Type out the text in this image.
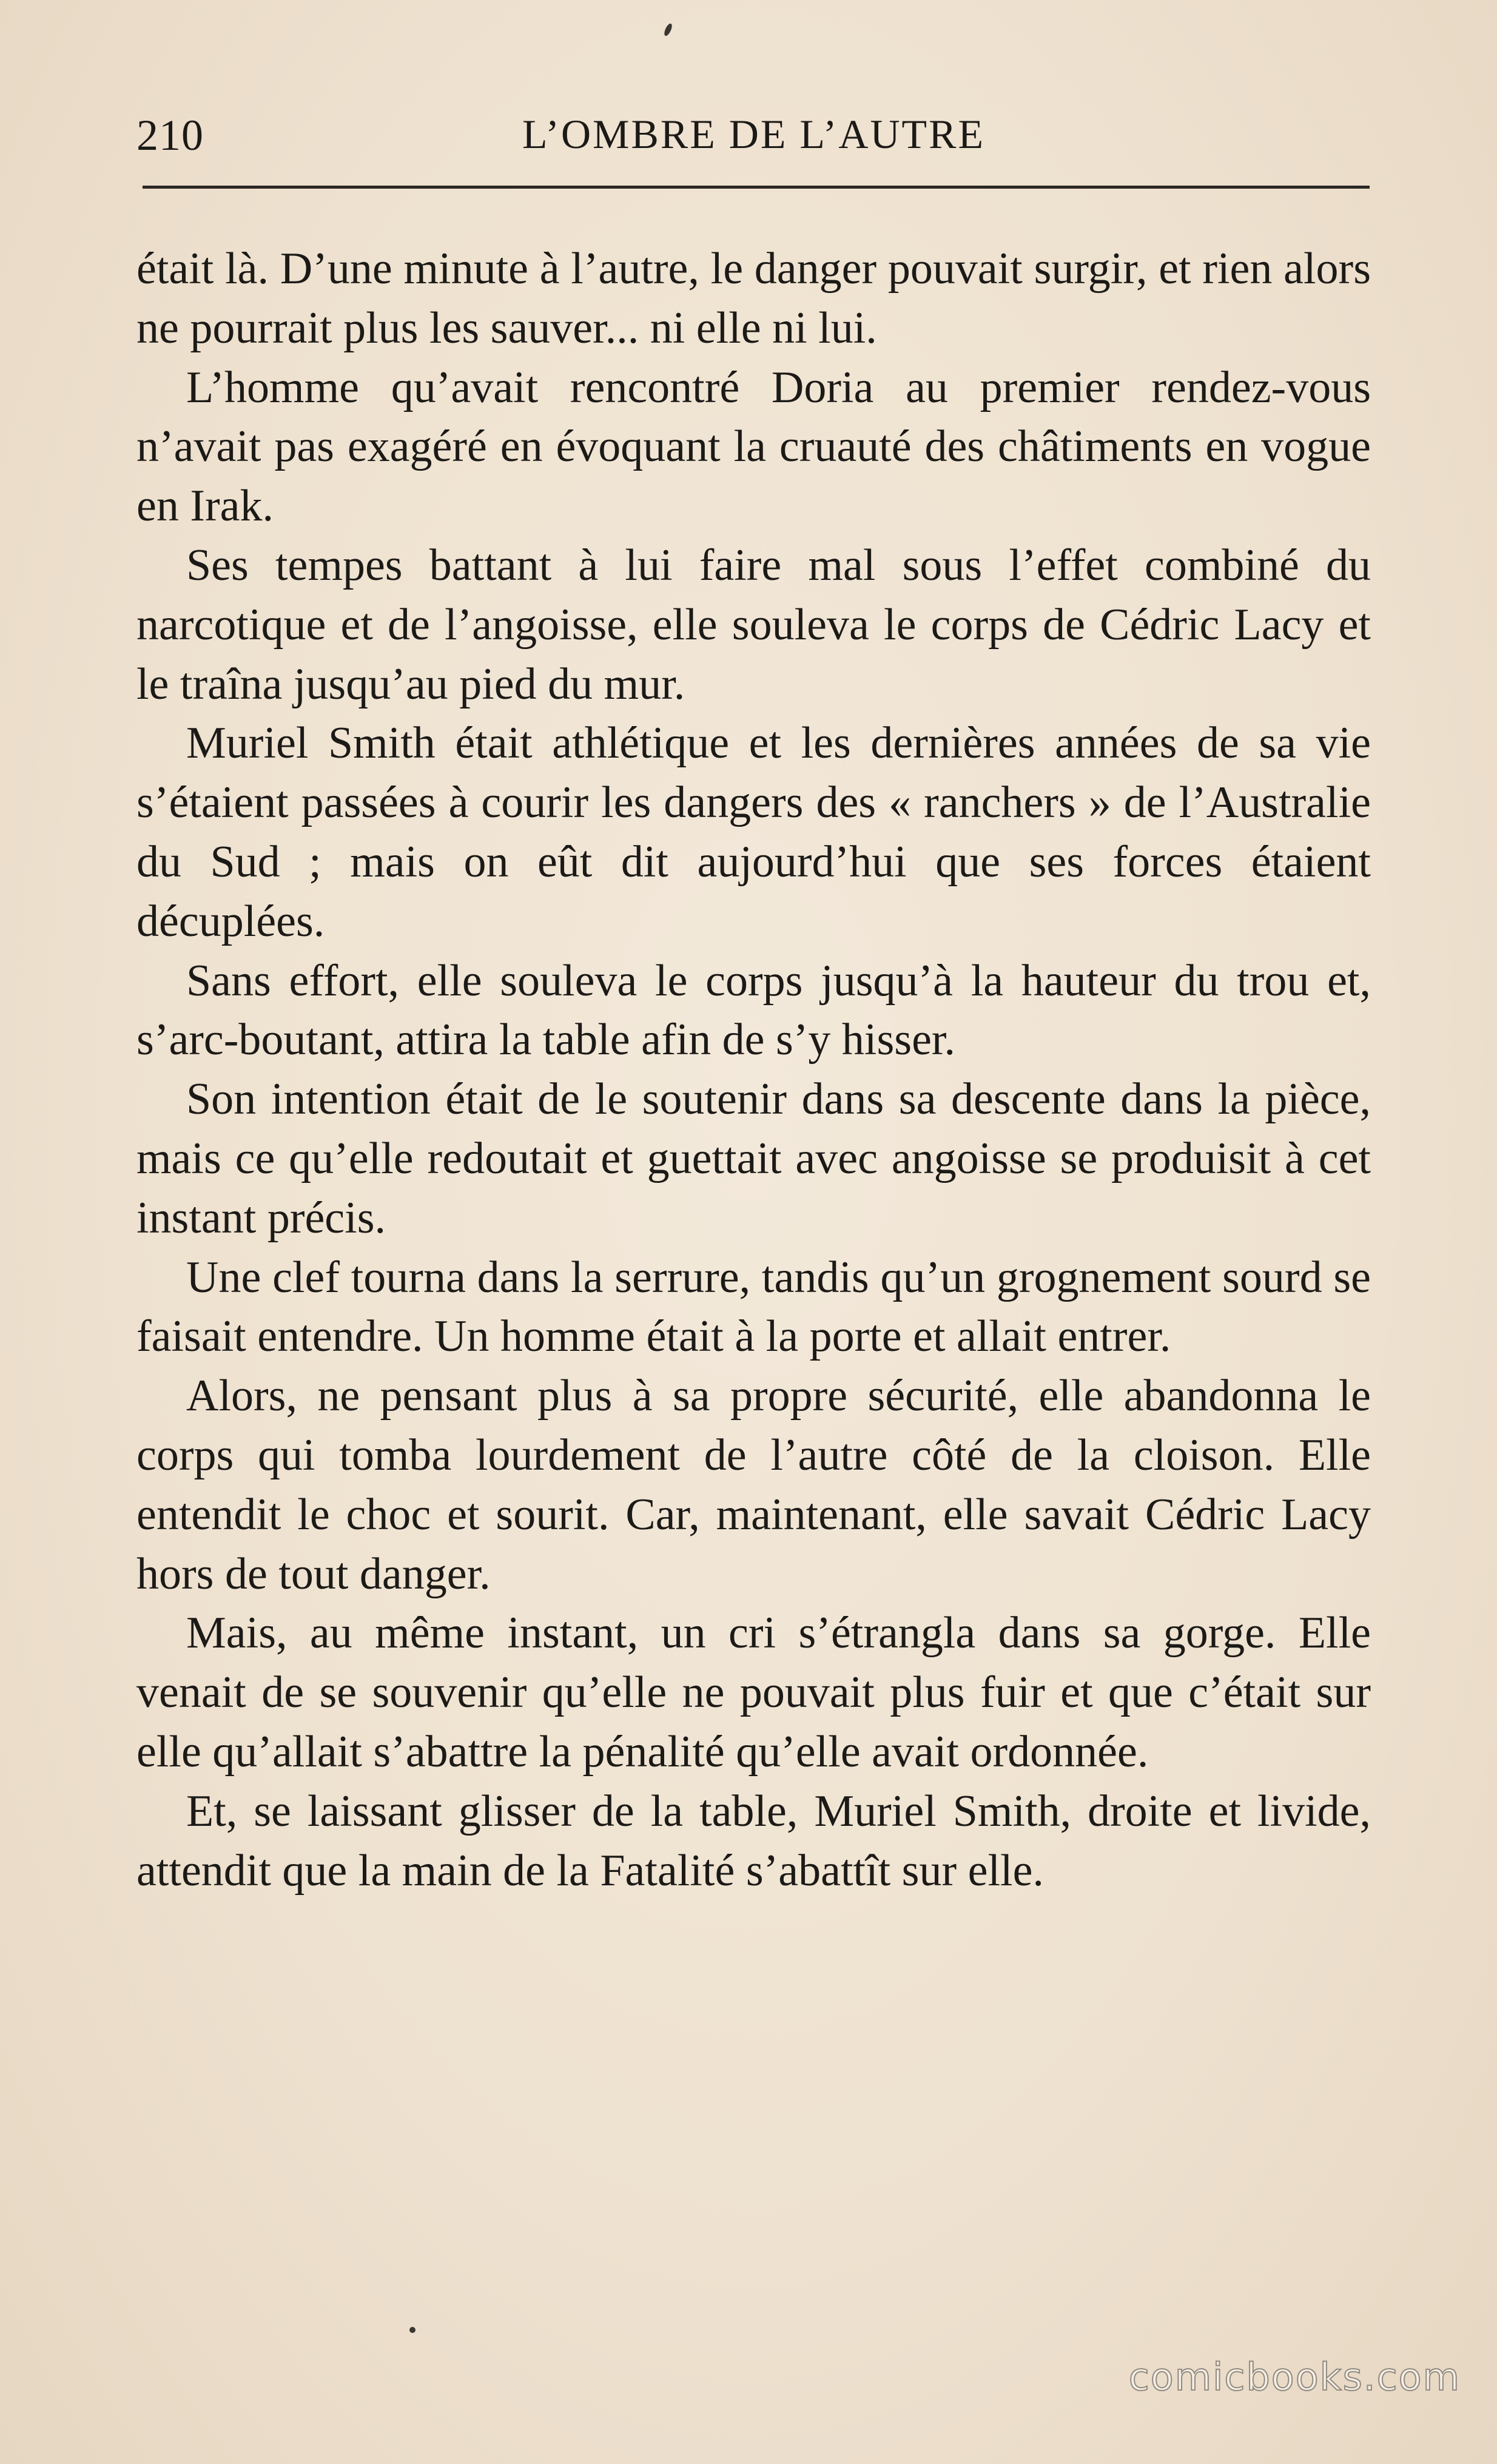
210	L’OMBRE DE L’AUTRE

était là. D’une minute à l’autre, le danger pouvait surgir, et rien alors ne pourrait plus les sauver... ni elle ni lui.

L’homme qu’avait rencontré Doria au premier rendez-vous n’avait pas exagéré en évoquant la cruauté des châtiments en vogue en Irak.

Ses tempes battant à lui faire mal sous l’effet combiné du narcotique et de l’angoisse, elle souleva le corps de Cédric Lacy et le traîna jusqu’au pied du mur.

Muriel Smith était athlétique et les dernières années de sa vie s’étaient passées à courir les dangers des « ranchers » de l’Australie du Sud ; mais on eût dit aujourd’hui que ses forces étaient décuplées.

Sans effort, elle souleva le corps jusqu’à la hauteur du trou et, s’arc-boutant, attira la table afin de s’y hisser.

Son intention était de le soutenir dans sa descente dans la pièce, mais ce qu’elle redoutait et guettait avec angoisse se produisit à cet instant précis.

Une clef tourna dans la serrure, tandis qu’un grognement sourd se faisait entendre. Un homme était à la porte et allait entrer.

Alors, ne pensant plus à sa propre sécurité, elle abandonna le corps qui tomba lourdement de l’autre côté de la cloison. Elle entendit le choc et sourit. Car, maintenant, elle savait Cédric Lacy hors de tout danger.

Mais, au même instant, un cri s’étrangla dans sa gorge. Elle venait de se souvenir qu’elle ne pouvait plus fuir et que c’était sur elle qu’allait s’abattre la pénalité qu’elle avait ordonnée.

Et, se laissant glisser de la table, Muriel Smith, droite et livide, attendit que la main de la Fatalité s’abattît sur elle.

comicbooks.com
